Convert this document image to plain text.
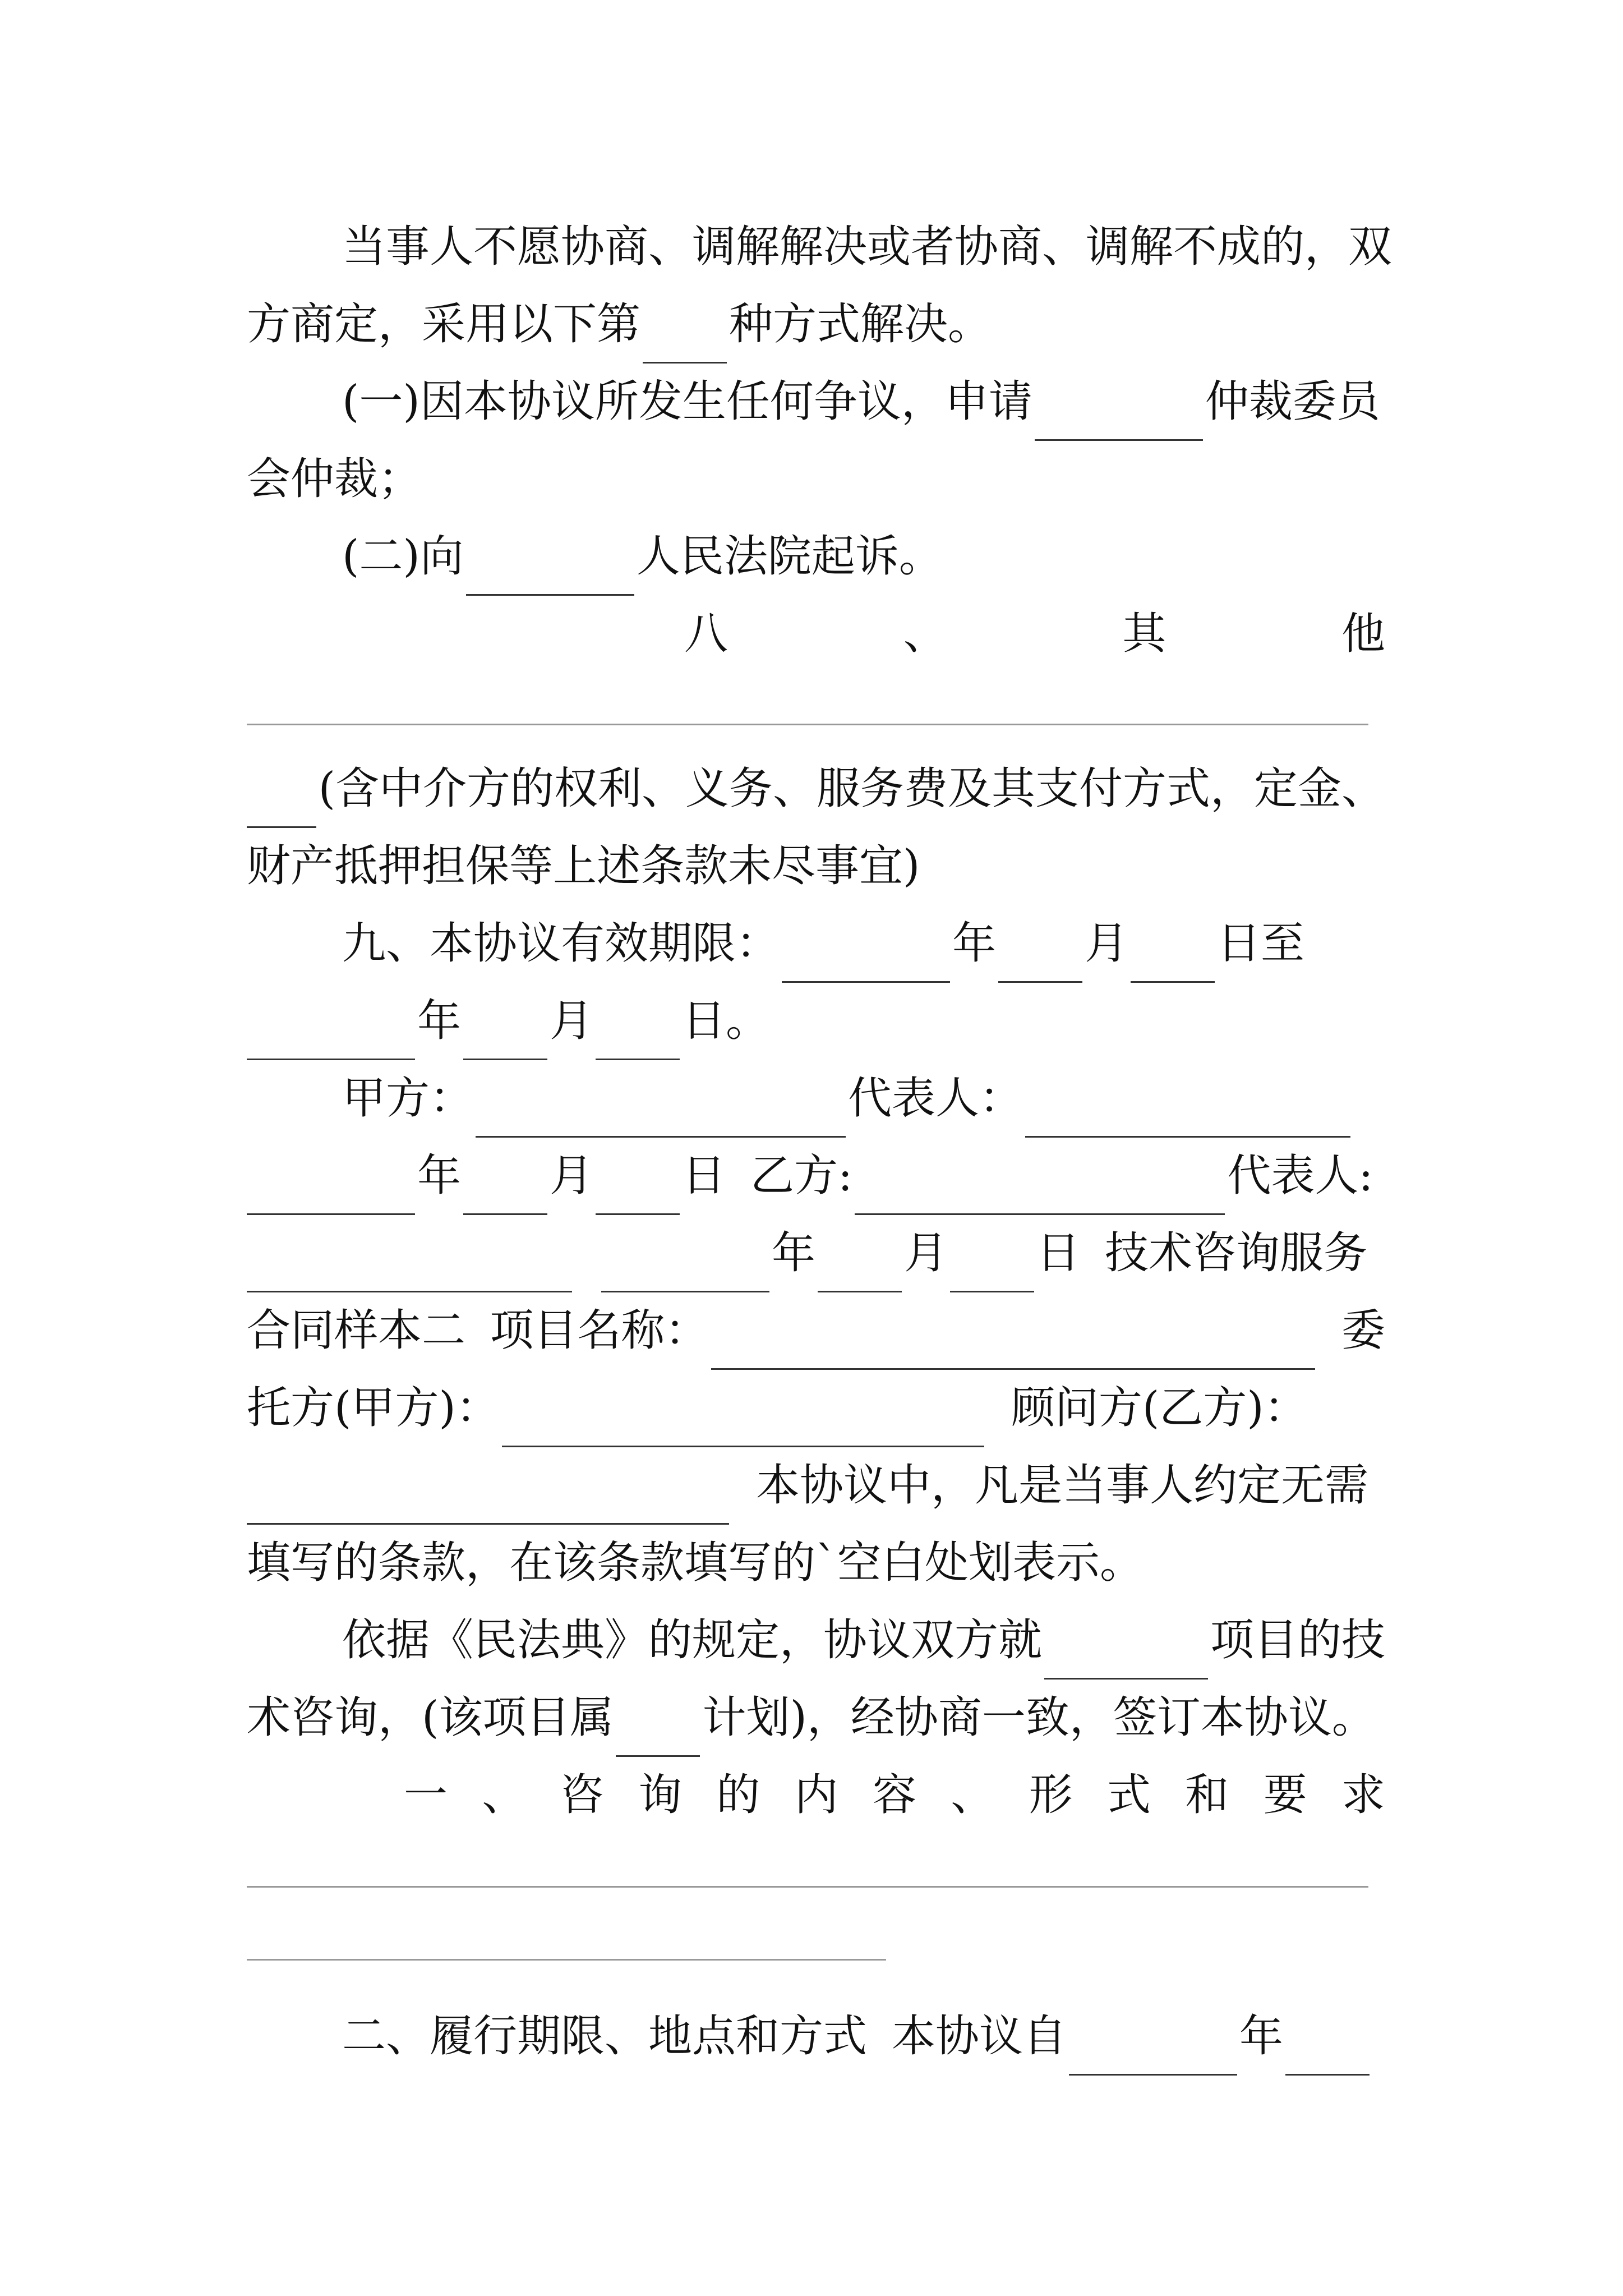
当事人不愿协商、调解解决或者协商、调解不成的，双
方商定，采用以下第 种方式解决。
(一)因本协议所发生任何争议，申请	仲裁委员
会仲裁；
(二)向	人民法院起诉。
八	、	其	他
(含中介方的权利、义务、服务费及其支付方式，定金、
财产抵押担保等上述条款未尽事宜)
九、本协议有效期限：	年 月 日至
年 月 日。
甲方：	代表人：
年 月 日 乙方:	代表人:
年 月 日 技术咨询服务
合同样本二 项目名称：	委
托方(甲方)：	顾问方(乙方)：
本协议中，凡是当事人约定无需
填写的条款，在该条款填写的`空白处划表示。
依据《民法典》的规定，协议双方就	项目的技
术咨询，(该项目属 计划)，经协商一致，签订本协议。
一 、 咨 询 的 内 容 、 形 式 和 要 求
二、履行期限、地点和方式 本协议自	年
